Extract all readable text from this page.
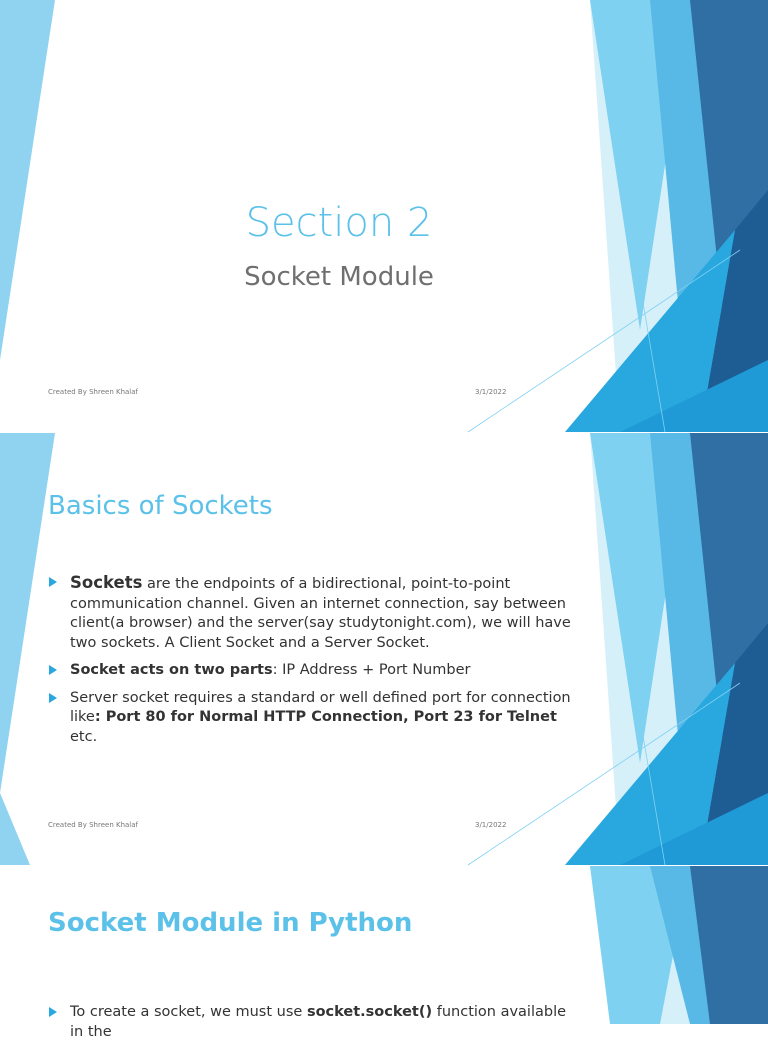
Section 2
Socket Module
Created By Shreen Khalaf	3/1/2022
Basics of Sockets
Sockets are the endpoints of a bidirectional, point-to-point communication channel. Given an internet connection, say between client(a browser) and the server(say studytonight.com), we will have two sockets. A Client Socket and a Server Socket.
Socket acts on two parts: IP Address + Port Number
Server socket requires a standard or well defined port for connection like: Port 80 for Normal HTTP Connection, Port 23 for Telnet etc.
Created By Shreen Khalaf	3/1/2022
Socket Module in Python
To create a socket, we must use socket.socket() function available in the
